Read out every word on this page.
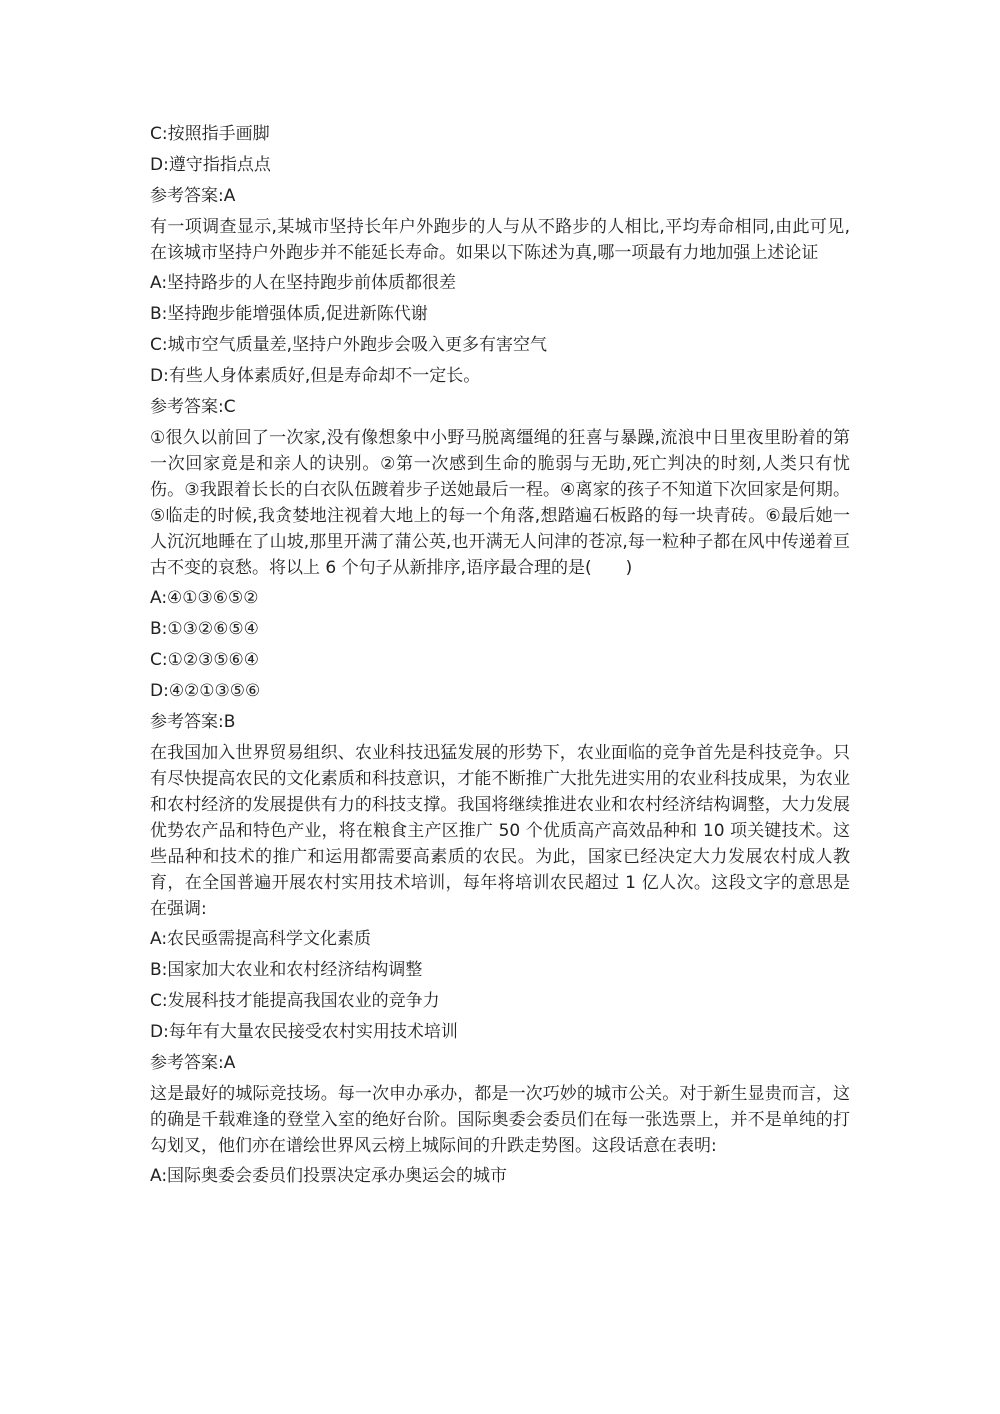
C:按照指手画脚
D:遵守指指点点
参考答案:A
有一项调查显示,某城市坚持长年户外跑步的人与从不路步的人相比,平均寿命相同,由此可见,在该城市坚持户外跑步并不能延长寿命。如果以下陈述为真,哪一项最有力地加强上述论证
A:坚持路步的人在坚持跑步前体质都很差
B:坚持跑步能增强体质,促进新陈代谢
C:城市空气质量差,坚持户外跑步会吸入更多有害空气
D:有些人身体素质好,但是寿命却不一定长。
参考答案:C
①很久以前回了一次家,没有像想象中小野马脱离缰绳的狂喜与暴躁,流浪中日里夜里盼着的第一次回家竟是和亲人的诀别。②第一次感到生命的脆弱与无助,死亡判决的时刻,人类只有忧伤。③我跟着长长的白衣队伍踱着步子送她最后一程。④离家的孩子不知道下次回家是何期。⑤临走的时候,我贪婪地注视着大地上的每一个角落,想踏遍石板路的每一块青砖。⑥最后她一人沉沉地睡在了山坡,那里开满了蒲公英,也开满无人问津的苍凉,每一粒种子都在风中传递着亘古不变的哀愁。将以上 6 个句子从新排序,语序最合理的是(　　)
A:④①③⑥⑤②
B:①③②⑥⑤④
C:①②③⑤⑥④
D:④②①③⑤⑥
参考答案:B
在我国加入世界贸易组织、农业科技迅猛发展的形势下，农业面临的竞争首先是科技竞争。只有尽快提高农民的文化素质和科技意识，才能不断推广大批先进实用的农业科技成果，为农业和农村经济的发展提供有力的科技支撑。我国将继续推进农业和农村经济结构调整，大力发展优势农产品和特色产业，将在粮食主产区推广 50 个优质高产高效品种和 10 项关键技术。这些品种和技术的推广和运用都需要高素质的农民。为此，国家已经决定大力发展农村成人教育，在全国普遍开展农村实用技术培训，每年将培训农民超过 1 亿人次。这段文字的意思是在强调:
A:农民亟需提高科学文化素质
B:国家加大农业和农村经济结构调整
C:发展科技才能提高我国农业的竞争力
D:每年有大量农民接受农村实用技术培训
参考答案:A
这是最好的城际竞技场。每一次申办承办，都是一次巧妙的城市公关。对于新生显贵而言，这的确是千载难逢的登堂入室的绝好台阶。国际奥委会委员们在每一张选票上，并不是单纯的打勾划叉，他们亦在谱绘世界风云榜上城际间的升跌走势图。这段话意在表明:
A:国际奥委会委员们投票决定承办奥运会的城市
